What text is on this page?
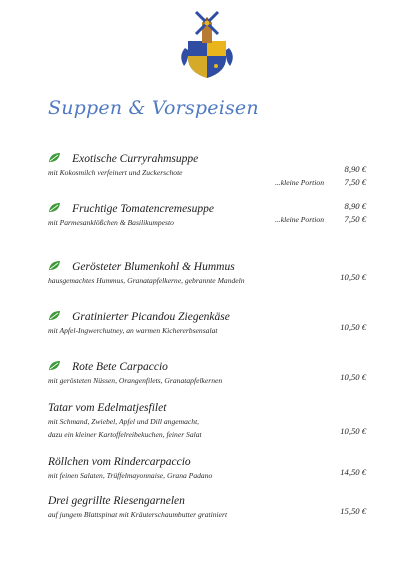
Suppen & Vorspeisen
Exotische Curryrahmsuppe
mit Kokosmilch verfeinert und Zuckerschote	8,90 €
...kleine Portion 7,50 €
Fruchtige Tomatencremesuppe	8,90 €
mit Parmesanklößchen & Basilikumpesto	...kleine Portion 7,50 €
Gerösteter Blumenkohl & Hummus
hausgemachtes Hummus, Granatapfelkerne, gebrannte Mandeln	10,50 €
Gratinierter Picandou Ziegenkäse
mit Apfel-Ingwerchutney, an warmen Kichererbsensalat	10,50 €
Rote Bete Carpaccio
mit gerösteten Nüssen, Orangenfilets, Granatapfelkernen	10,50 €
Tatar vom Edelmatjesfilet
mit Schmand, Zwiebel, Apfel und Dill angemacht,
dazu ein kleiner Kartoffelreibekuchen, feiner Salat	10,50 €
Röllchen vom Rindercarpaccio
mit feinen Salaten, Trüffelmayonnaise, Grana Padano	14,50 €
Drei gegrillte Riesengarnelen
auf jungem Blattspinat mit Kräuterschaumbutter gratiniert	15,50 €
